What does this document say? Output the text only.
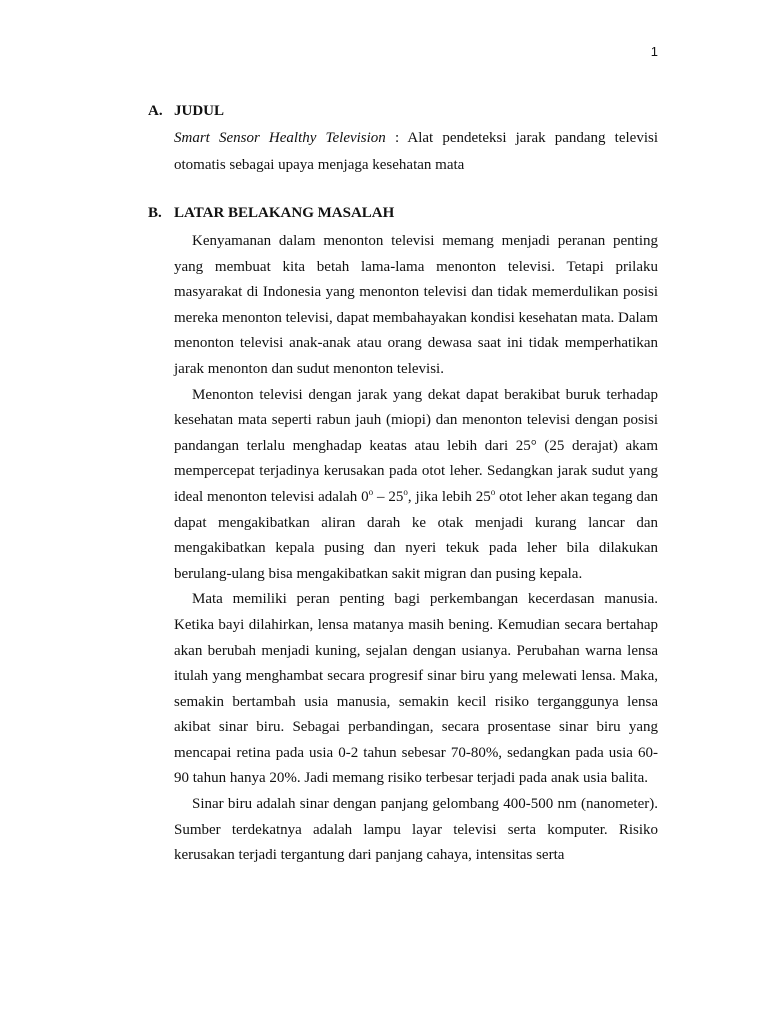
1
A. JUDUL
Smart Sensor Healthy Television : Alat pendeteksi jarak pandang televisi otomatis sebagai upaya menjaga kesehatan mata
B. LATAR BELAKANG MASALAH

Kenyamanan dalam menonton televisi memang menjadi peranan penting yang membuat kita betah lama-lama menonton televisi. Tetapi prilaku masyarakat di Indonesia yang menonton televisi dan tidak memerdulikan posisi mereka menonton televisi, dapat membahayakan kondisi kesehatan mata. Dalam menonton televisi anak-anak atau orang dewasa saat ini tidak memperhatikan jarak menonton dan sudut menonton televisi.

Menonton televisi dengan jarak yang dekat dapat berakibat buruk terhadap kesehatan mata seperti rabun jauh (miopi) dan menonton televisi dengan posisi pandangan terlalu menghadap keatas atau lebih dari 25° (25 derajat) akam mempercepat terjadinya kerusakan pada otot leher. Sedangkan jarak sudut yang ideal menonton televisi adalah 0$^o$ – 25$^o$, jika lebih 25$^o$ otot leher akan tegang dan dapat mengakibatkan aliran darah ke otak menjadi kurang lancar dan mengakibatkan kepala pusing dan nyeri tekuk pada leher bila dilakukan berulang-ulang bisa mengakibatkan sakit migran dan pusing kepala.

Mata memiliki peran penting bagi perkembangan kecerdasan manusia. Ketika bayi dilahirkan, lensa matanya masih bening. Kemudian secara bertahap akan berubah menjadi kuning, sejalan dengan usianya. Perubahan warna lensa itulah yang menghambat secara progresif sinar biru yang melewati lensa. Maka, semakin bertambah usia manusia, semakin kecil risiko terganggunya lensa akibat sinar biru. Sebagai perbandingan, secara prosentase sinar biru yang mencapai retina pada usia 0-2 tahun sebesar 70-80%, sedangkan pada usia 60- 90 tahun hanya 20%. Jadi memang risiko terbesar terjadi pada anak usia balita.

Sinar biru adalah sinar dengan panjang gelombang 400-500 nm (nanometer). Sumber terdekatnya adalah lampu layar televisi serta komputer. Risiko kerusakan terjadi tergantung dari panjang cahaya, intensitas serta
